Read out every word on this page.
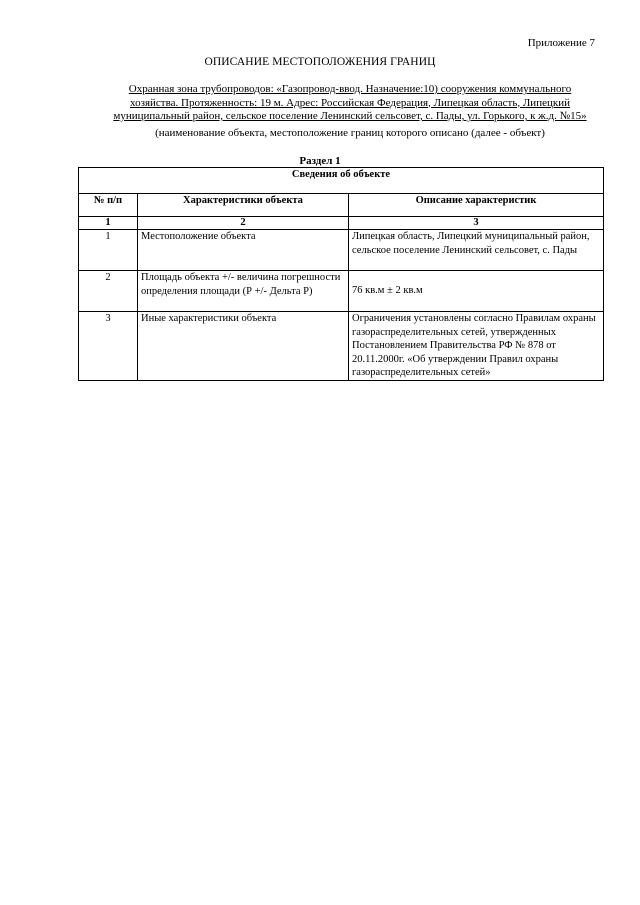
Приложение 7
ОПИСАНИЕ МЕСТОПОЛОЖЕНИЯ ГРАНИЦ
Охранная зона трубопроводов: «Газопровод-ввод. Назначение:10) сооружения коммунального
хозяйства. Протяженность: 19 м. Адрес: Российская Федерация, Липецкая область, Липецкий
муниципальный район, сельское поселение Ленинский сельсовет, с. Пады, ул. Горького, к ж.д. №15»
(наименование объекта, местоположение границ которого описано (далее - объект)
Раздел 1
Сведения об объекте		
№ п/п	Характеристики объекта	Описание характеристик
1	2	3
1	Местоположение объекта	Липецкая область, Липецкий муниципальный район, сельское поселение Ленинский сельсовет, с. Пады
2	Площадь объекта +/- величина погрешности определения площади (Р +/- Дельта Р)	76 кв.м ± 2 кв.м
3	Иные характеристики объекта	Ограничения установлены согласно Правилам охраны газораспределительных сетей, утвержденных Постановлением Правительства РФ № 878 от 20.11.2000г. «Об утверждении Правил охраны газораспределительных сетей»
